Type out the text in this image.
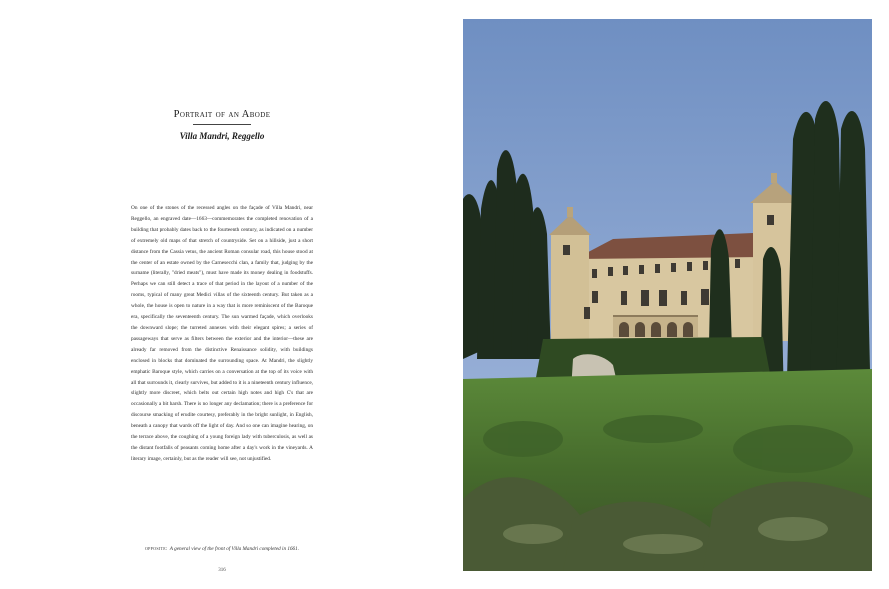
Portrait of an Abode
Villa Mandri, Reggello

On one of the stones of the recessed angles on the façade of Villa Mandri, near Reggello, an engraved date—1663—commemorates the completed renovation of a building that probably dates back to the fourteenth century, as indicated on a number of extremely old maps of that stretch of countryside. Set on a hillside, just a short distance from the Cassia vetus, the ancient Roman consular road, this house stood at the center of an estate owned by the Carnesecchi clan, a family that, judging by the surname (literally, "dried meats"), must have made its money dealing in foodstuffs. Perhaps we can still detect a trace of that period in the layout of a number of the rooms, typical of many great Medici villas of the sixteenth century. But taken as a whole, the house is open to nature in a way that is more reminiscent of the Baroque era, specifically the seventeenth century. The sun warmed façade, which overlooks the downward slope; the turreted annexes with their elegant spires; a series of passageways that serve as filters between the exterior and the interior—these are already far removed from the distinctive Renaissance solidity, with buildings enclosed in blocks that dominated the surrounding space. At Mandri, the slightly emphatic Baroque style, which carries on a conversation at the top of its voice with all that surrounds it, clearly survives, but added to it is a nineteenth century influence, slightly more discreet, which belts out certain high notes and high C's that are occasionally a bit harsh. There is no longer any declamation; there is a preference for discourse smacking of erudite courtesy, preferably in the bright sunlight, in English, beneath a canopy that wards off the light of day. And so one can imagine hearing, on the terrace above, the coughing of a young foreign lady with tuberculosis, as well as the distant footfalls of peasants coming home after a day's work in the vineyards. A literary image, certainly, but as the reader will see, not unjustified.

opposite: A general view of the front of Villa Mandri completed in 1661.

316
